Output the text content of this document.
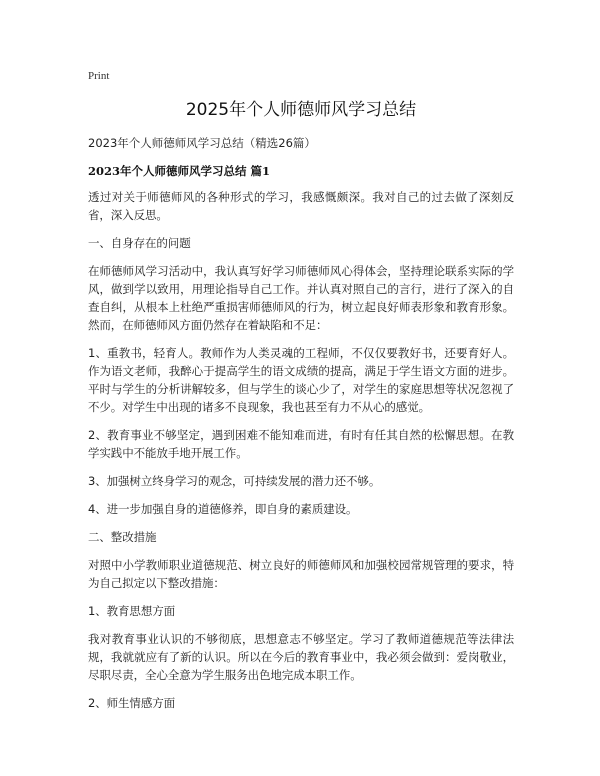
Print
2025年个人师德师风学习总结
2023年个人师德师风学习总结（精选26篇）
2023年个人师德师风学习总结 篇1

透过对关于师德师风的各种形式的学习，我感慨颇深。我对自己的过去做了深刻反省，深入反思。

一、自身存在的问题

在师德师风学习活动中，我认真写好学习师德师风心得体会，坚持理论联系实际的学风，做到学以致用，用理论指导自己工作。并认真对照自己的言行，进行了深入的自查自纠，从根本上杜绝严重损害师德师风的行为，树立起良好师表形象和教育形象。然而，在师德师风方面仍然存在着缺陷和不足：

1、重教书，轻育人。教师作为人类灵魂的工程师，不仅仅要教好书，还要育好人。作为语文老师，我醉心于提高学生的语文成绩的提高，满足于学生语文方面的进步。平时与学生的分析讲解较多，但与学生的谈心少了，对学生的家庭思想等状况忽视了不少。对学生中出现的诸多不良现象，我也甚至有力不从心的感觉。

2、教育事业不够坚定，遇到困难不能知难而进，有时有任其自然的松懈思想。在教学实践中不能放手地开展工作。

3、加强树立终身学习的观念，可持续发展的潜力还不够。

4、进一步加强自身的道德修养，即自身的素质建设。

二、整改措施

对照中小学教师职业道德规范、树立良好的师德师风和加强校园常规管理的要求，特为自己拟定以下整改措施：

1、教育思想方面

我对教育事业认识的不够彻底，思想意志不够坚定。学习了教师道德规范等法律法规，我就就应有了新的认识。所以在今后的教育事业中，我必须会做到：爱岗敬业，尽职尽责，全心全意为学生服务出色地完成本职工作。

2、师生情感方面
